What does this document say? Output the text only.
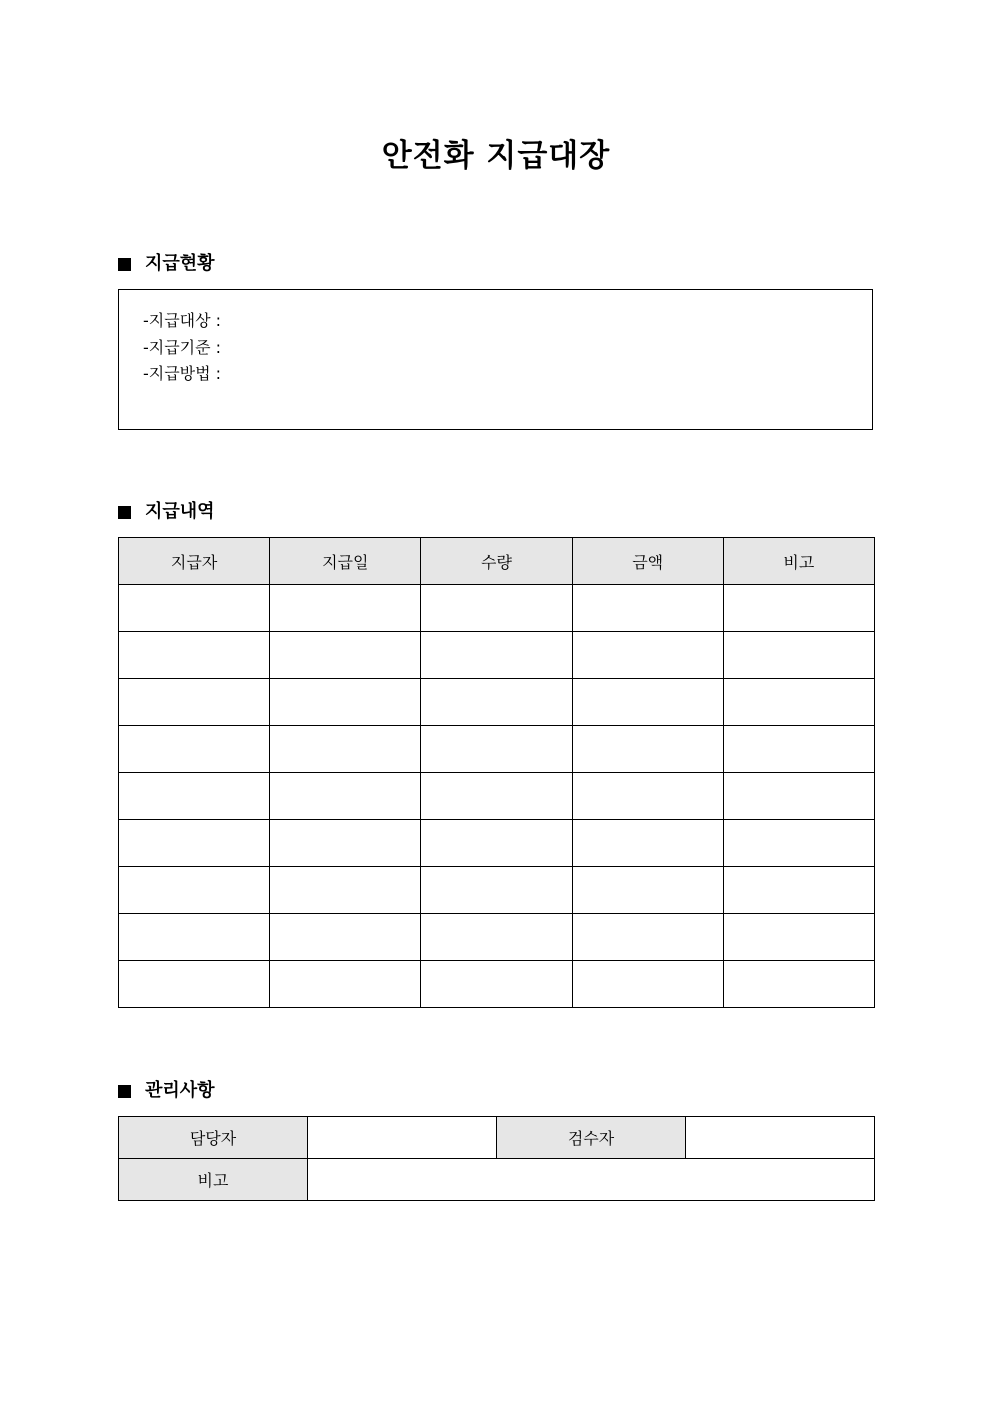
안전화 지급대장
지급현황
-지급대상 :
-지급기준 :
-지급방법 :
지급내역
지급자	지급일	수량	금액	비고

관리사항
담당자		검수자	
비고			
